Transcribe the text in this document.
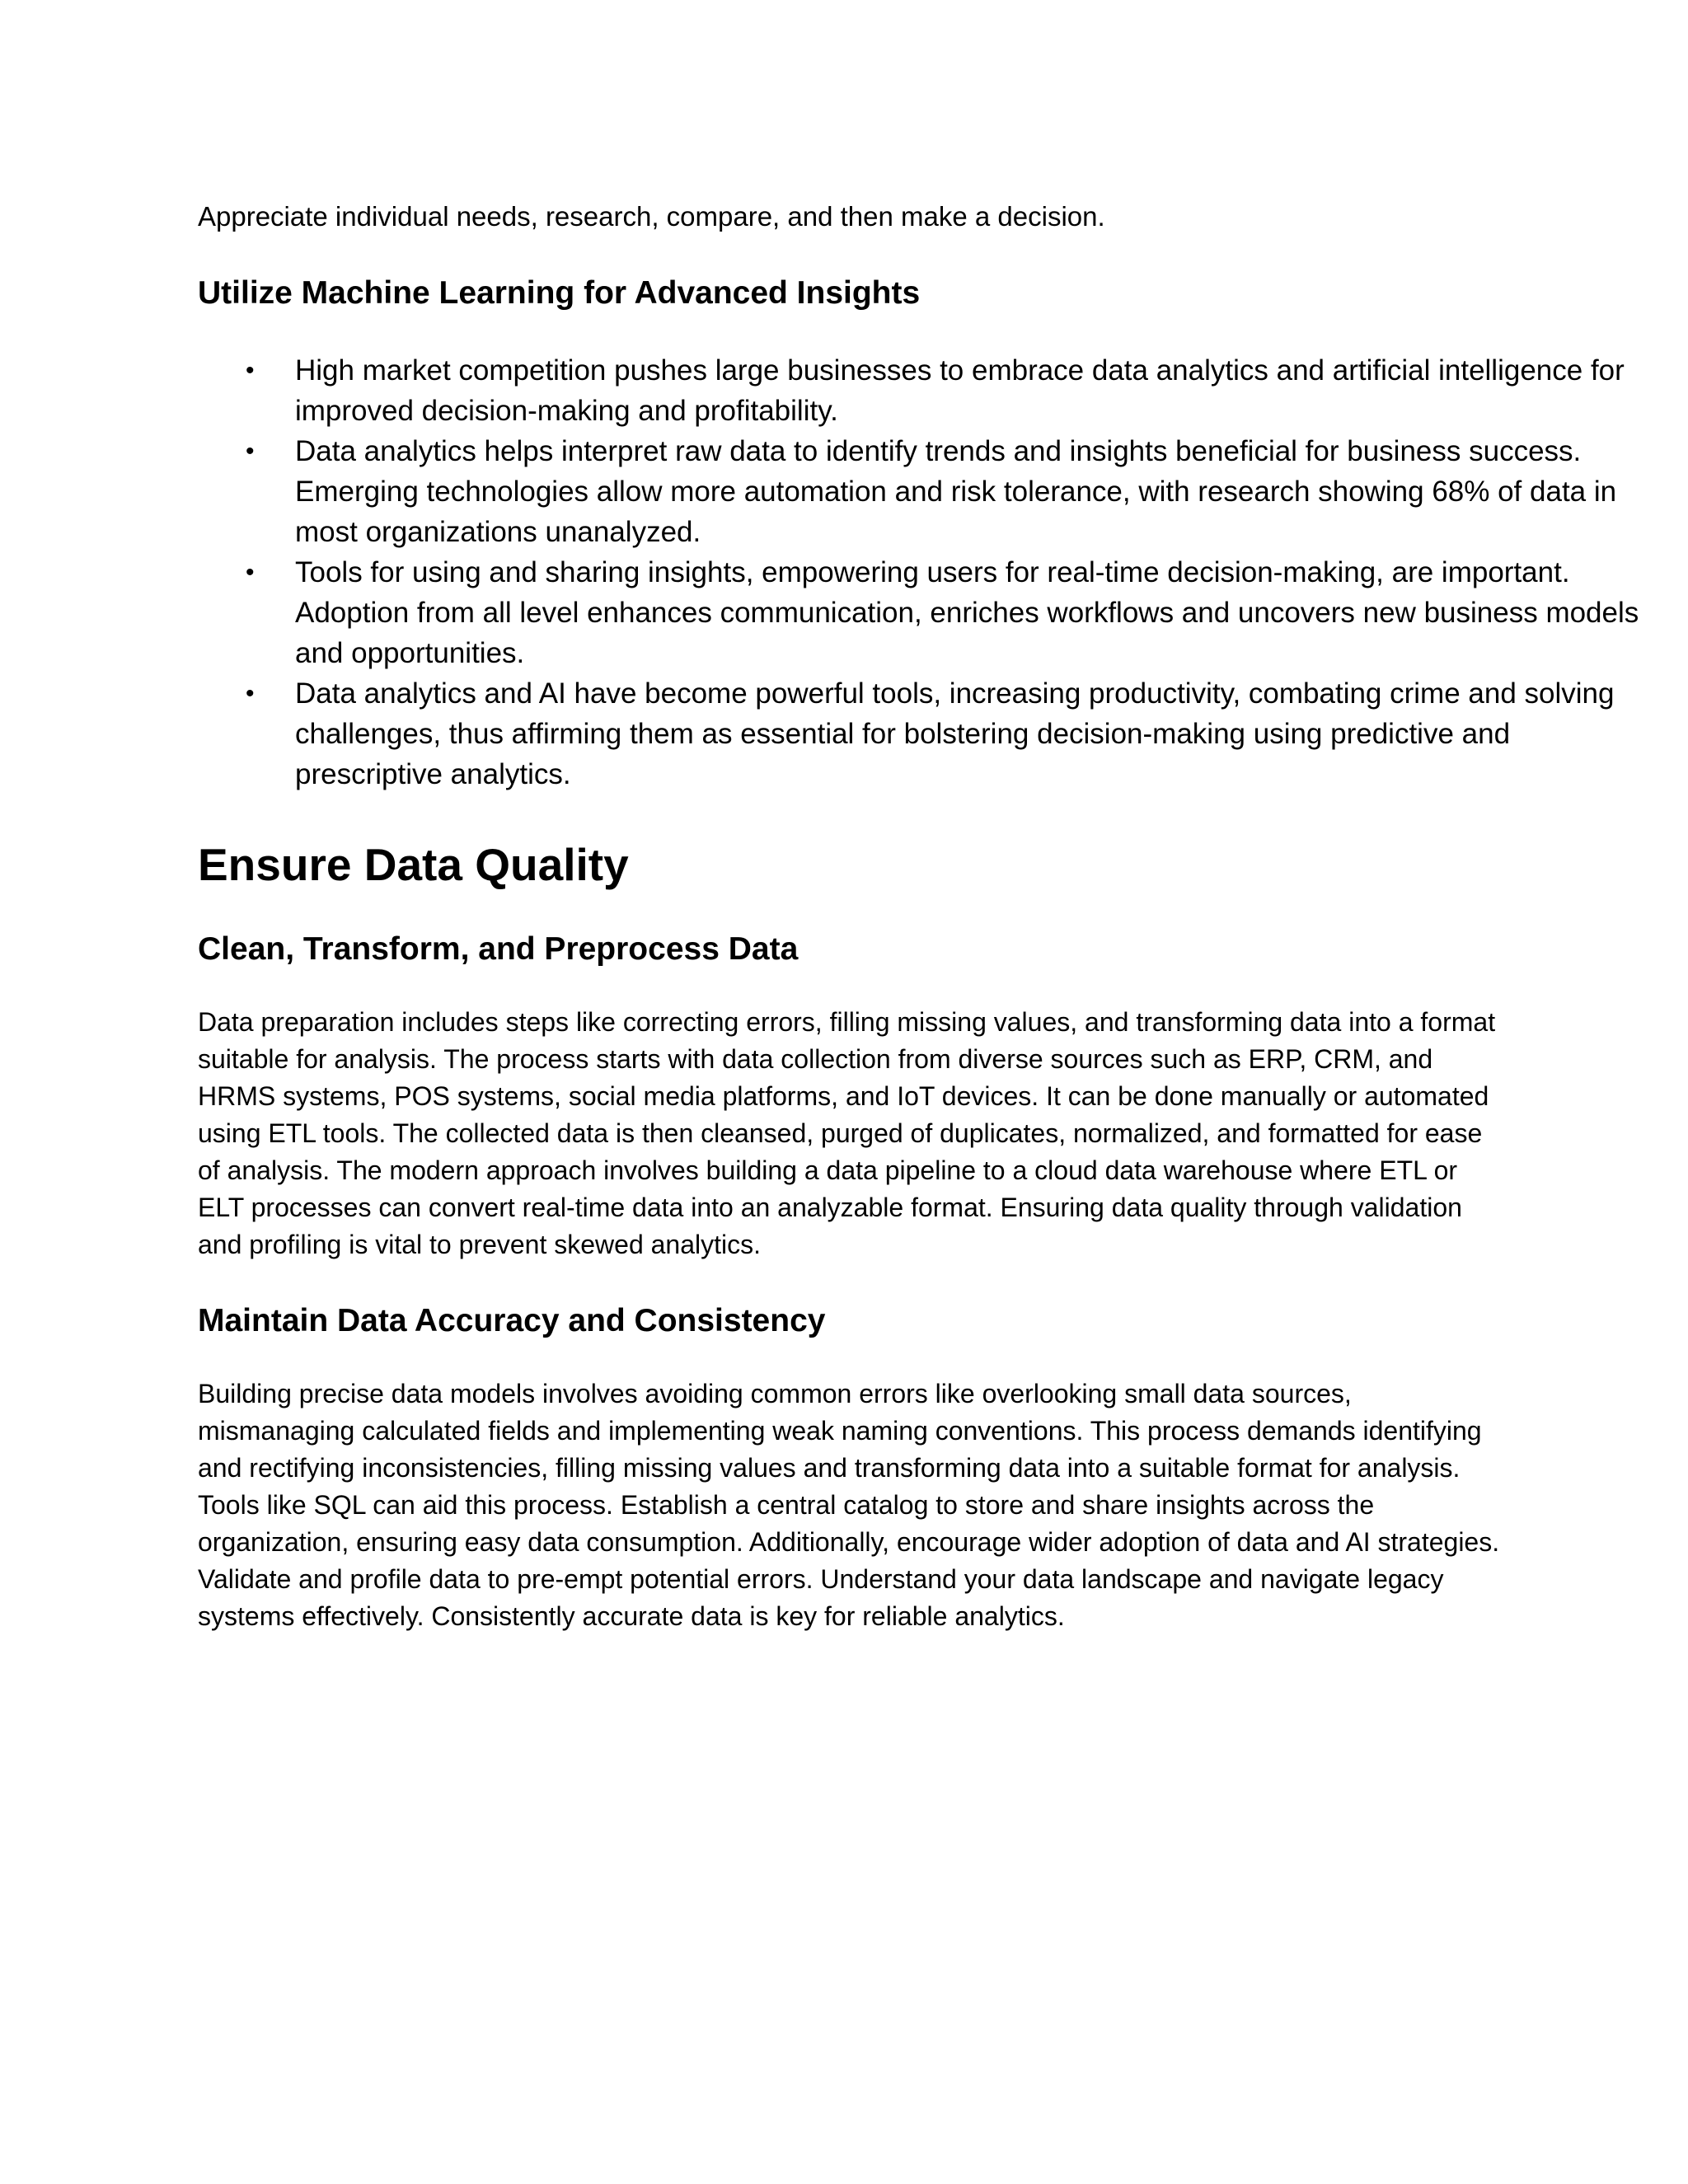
Appreciate individual needs, research, compare, and then make a decision.

Utilize Machine Learning for Advanced Insights
• High market competition pushes large businesses to embrace data analytics and artificial intelligence for improved decision-making and profitability.
• Data analytics helps interpret raw data to identify trends and insights beneficial for business success. Emerging technologies allow more automation and risk tolerance, with research showing 68% of data in most organizations unanalyzed.
• Tools for using and sharing insights, empowering users for real-time decision-making, are important. Adoption from all level enhances communication, enriches workflows and uncovers new business models and opportunities.
• Data analytics and AI have become powerful tools, increasing productivity, combating crime and solving challenges, thus affirming them as essential for bolstering decision-making using predictive and prescriptive analytics.
Ensure Data Quality
Clean, Transform, and Preprocess Data

Data preparation includes steps like correcting errors, filling missing values, and transforming data into a format suitable for analysis. The process starts with data collection from diverse sources such as ERP, CRM, and HRMS systems, POS systems, social media platforms, and IoT devices. It can be done manually or automated using ETL tools. The collected data is then cleansed, purged of duplicates, normalized, and formatted for ease of analysis. The modern approach involves building a data pipeline to a cloud data warehouse where ETL or ELT processes can convert real-time data into an analyzable format. Ensuring data quality through validation and profiling is vital to prevent skewed analytics.

Maintain Data Accuracy and Consistency

Building precise data models involves avoiding common errors like overlooking small data sources, mismanaging calculated fields and implementing weak naming conventions. This process demands identifying and rectifying inconsistencies, filling missing values and transforming data into a suitable format for analysis. Tools like SQL can aid this process. Establish a central catalog to store and share insights across the organization, ensuring easy data consumption. Additionally, encourage wider adoption of data and AI strategies. Validate and profile data to pre-empt potential errors. Understand your data landscape and navigate legacy systems effectively. Consistently accurate data is key for reliable analytics.
